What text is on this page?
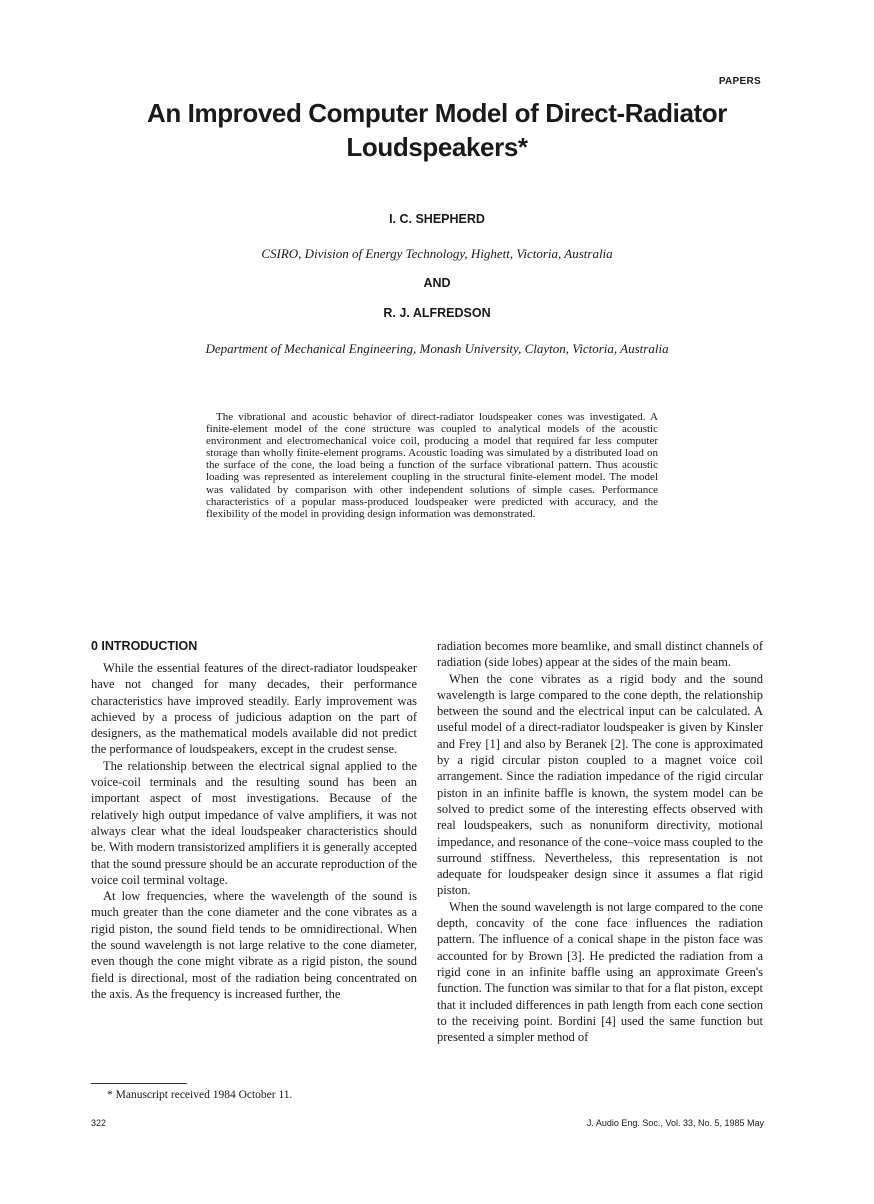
PAPERS
An Improved Computer Model of Direct-Radiator
Loudspeakers*
I. C. SHEPHERD
CSIRO, Division of Energy Technology, Highett, Victoria, Australia
AND
R. J. ALFREDSON
Department of Mechanical Engineering, Monash University, Clayton, Victoria, Australia

The vibrational and acoustic behavior of direct-radiator loudspeaker cones was investigated. A finite-element model of the cone structure was coupled to analytical models of the acoustic environment and electromechanical voice coil, producing a model that required far less computer storage than wholly finite-element programs. Acoustic loading was simulated by a distributed load on the surface of the cone, the load being a function of the surface vibrational pattern. Thus acoustic loading was represented as interelement coupling in the structural finite-element model. The model was validated by comparison with other independent solutions of simple cases. Performance characteristics of a popular mass-produced loudspeaker were predicted with accuracy, and the flexibility of the model in providing design information was demonstrated.

0 INTRODUCTION

While the essential features of the direct-radiator loudspeaker have not changed for many decades, their performance characteristics have improved steadily. Early improvement was achieved by a process of judicious adaption on the part of designers, as the mathematical models available did not predict the performance of loudspeakers, except in the crudest sense.

The relationship between the electrical signal applied to the voice-coil terminals and the resulting sound has been an important aspect of most investigations. Because of the relatively high output impedance of valve amplifiers, it was not always clear what the ideal loudspeaker characteristics should be. With modern transistorized amplifiers it is generally accepted that the sound pressure should be an accurate reproduction of the voice coil terminal voltage.

At low frequencies, where the wavelength of the sound is much greater than the cone diameter and the cone vibrates as a rigid piston, the sound field tends to be omnidirectional. When the sound wavelength is not large relative to the cone diameter, even though the cone might vibrate as a rigid piston, the sound field is directional, most of the radiation being concentrated on the axis. As the frequency is increased further, the

radiation becomes more beamlike, and small distinct channels of radiation (side lobes) appear at the sides of the main beam.

When the cone vibrates as a rigid body and the sound wavelength is large compared to the cone depth, the relationship between the sound and the electrical input can be calculated. A useful model of a direct-radiator loudspeaker is given by Kinsler and Frey [1] and also by Beranek [2]. The cone is approximated by a rigid circular piston coupled to a magnet voice coil arrangement. Since the radiation impedance of the rigid circular piston in an infinite baffle is known, the system model can be solved to predict some of the interesting effects observed with real loudspeakers, such as nonuniform directivity, motional impedance, and resonance of the cone–voice mass coupled to the surround stiffness. Nevertheless, this representation is not adequate for loudspeaker design since it assumes a flat rigid piston.

When the sound wavelength is not large compared to the cone depth, concavity of the cone face influences the radiation pattern. The influence of a conical shape in the piston face was accounted for by Brown [3]. He predicted the radiation from a rigid cone in an infinite baffle using an approximate Green's function. The function was similar to that for a flat piston, except that it included differences in path length from each cone section to the receiving point. Bordini [4] used the same function but presented a simpler method of

* Manuscript received 1984 October 11.
322	J. Audio Eng. Soc., Vol. 33, No. 5, 1985 May
